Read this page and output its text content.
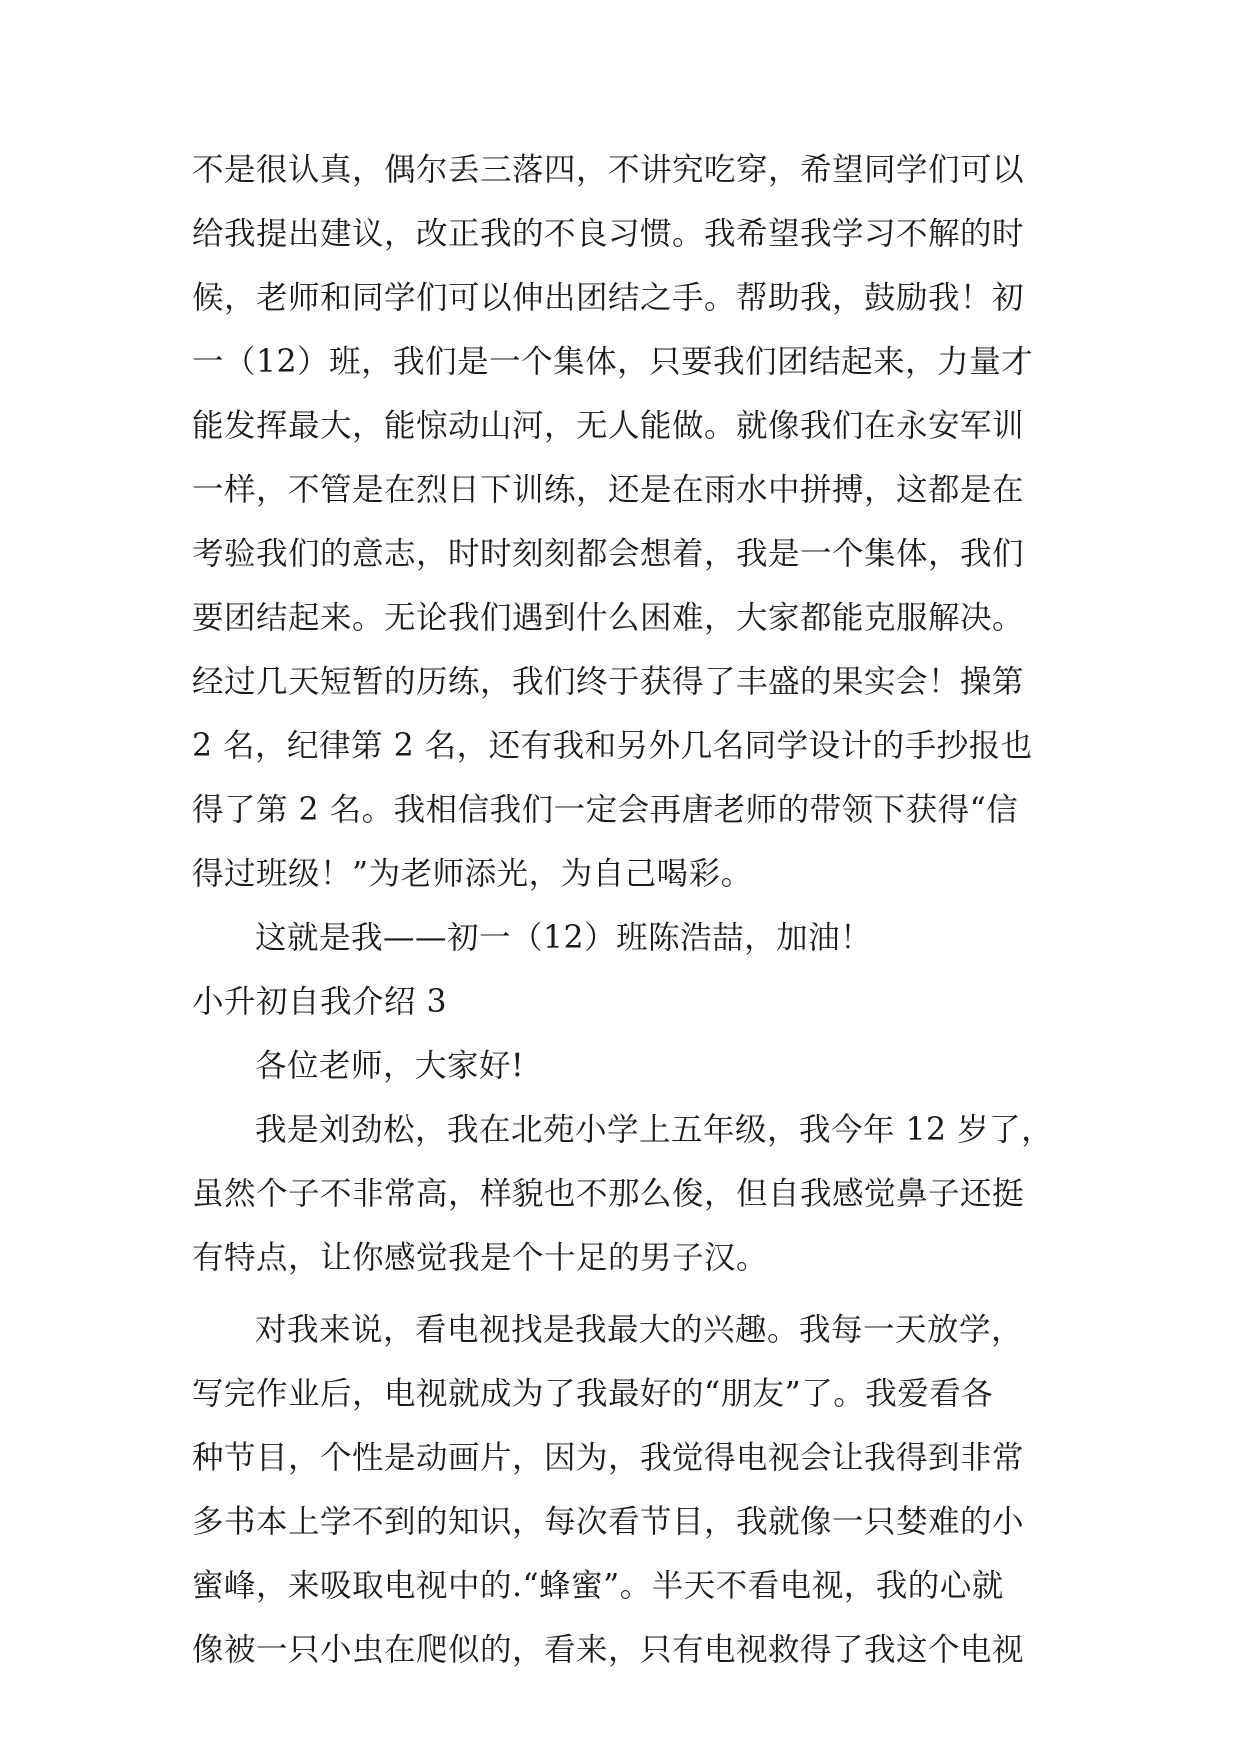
不是很认真，偶尔丢三落四，不讲究吃穿，希望同学们可以
给我提出建议，改正我的不良习惯。我希望我学习不解的时
候，老师和同学们可以伸出团结之手。帮助我，鼓励我！初
一（12）班，我们是一个集体，只要我们团结起来，力量才
能发挥最大，能惊动山河，无人能做。就像我们在永安军训
一样，不管是在烈日下训练，还是在雨水中拼搏，这都是在
考验我们的意志，时时刻刻都会想着，我是一个集体，我们
要团结起来。无论我们遇到什么困难，大家都能克服解决。
经过几天短暂的历练，我们终于获得了丰盛的果实会！操第
2 名，纪律第 2 名，还有我和另外几名同学设计的手抄报也
得了第 2 名。我相信我们一定会再唐老师的带领下获得“信
得过班级！”为老师添光，为自己喝彩。
这就是我——初一（12）班陈浩喆，加油！
小升初自我介绍 3
各位老师，大家好!
我是刘劲松，我在北苑小学上五年级，我今年 12 岁了，
虽然个子不非常高，样貌也不那么俊，但自我感觉鼻子还挺
有特点，让你感觉我是个十足的男子汉。
对我来说，看电视找是我最大的兴趣。我每一天放学，
写完作业后，电视就成为了我最好的“朋友”了。我爱看各
种节目，个性是动画片，因为，我觉得电视会让我得到非常
多书本上学不到的知识，每次看节目，我就像一只婪难的小
蜜峰，来吸取电视中的.“蜂蜜”。半天不看电视，我的心就
像被一只小虫在爬似的，看来，只有电视救得了我这个电视
